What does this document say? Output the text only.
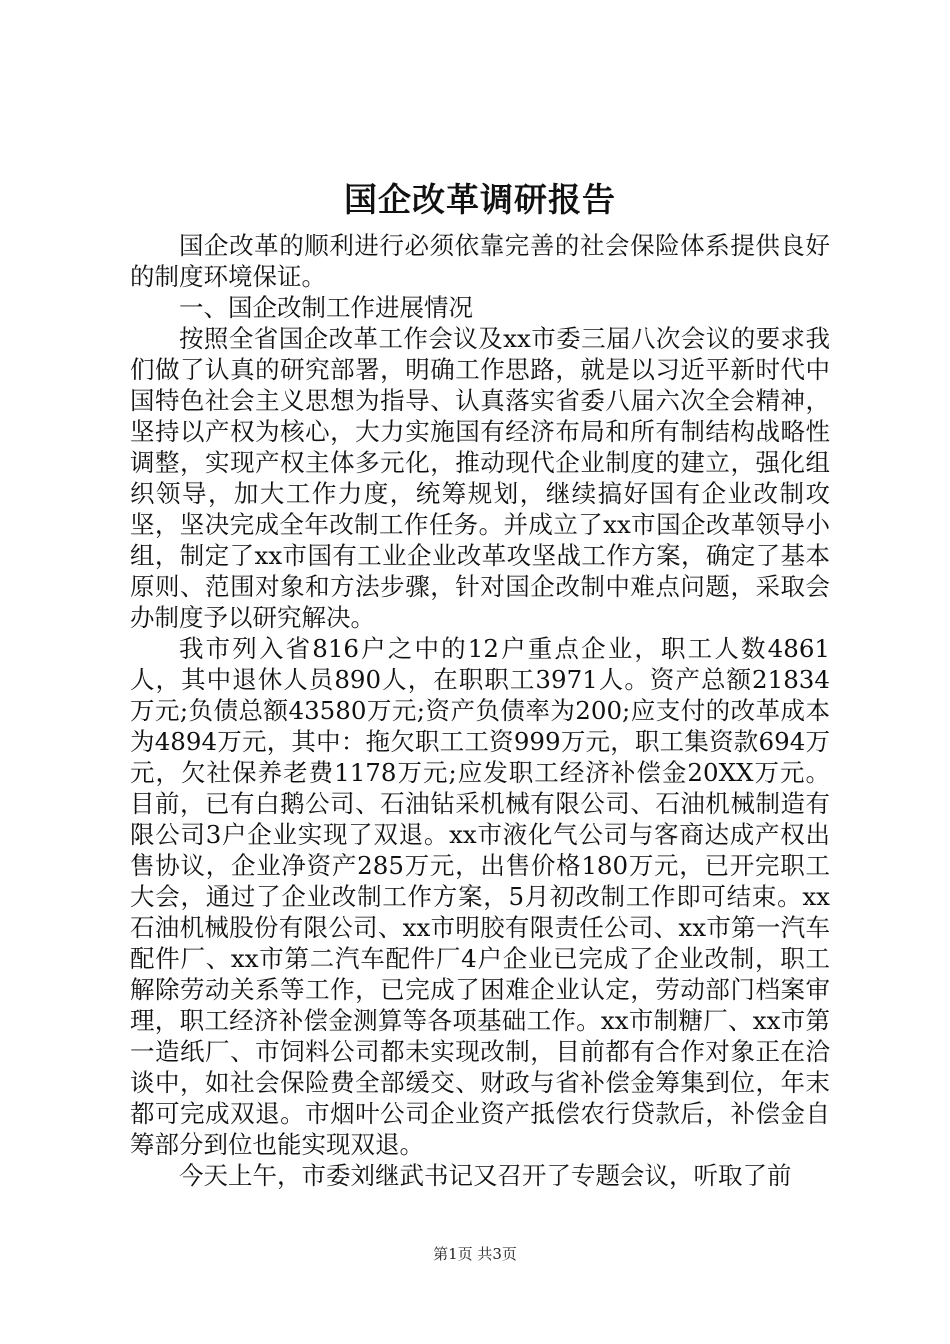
国企改革调研报告

国企改革的顺利进行必须依靠完善的社会保险体系提供良好的制度环境保证。

一、国企改制工作进展情况

按照全省国企改革工作会议及xx市委三届八次会议的要求我们做了认真的研究部署，明确工作思路，就是以习近平新时代中国特色社会主义思想为指导、认真落实省委八届六次全会精神，坚持以产权为核心，大力实施国有经济布局和所有制结构战略性调整，实现产权主体多元化，推动现代企业制度的建立，强化组织领导，加大工作力度，统筹规划，继续搞好国有企业改制攻坚，坚决完成全年改制工作任务。并成立了xx市国企改革领导小组，制定了xx市国有工业企业改革攻坚战工作方案，确定了基本原则、范围对象和方法步骤，针对国企改制中难点问题，采取会办制度予以研究解决。

我市列入省816户之中的12户重点企业，职工人数4861人，其中退休人员890人，在职职工3971人。资产总额21834万元;负债总额43580万元;资产负债率为200;应支付的改革成本为4894万元，其中：拖欠职工工资999万元，职工集资款694万元，欠社保养老费1178万元;应发职工经济补偿金20XX万元。目前，已有白鹅公司、石油钻采机械有限公司、石油机械制造有限公司3户企业实现了双退。xx市液化气公司与客商达成产权出售协议，企业净资产285万元，出售价格180万元，已开完职工大会，通过了企业改制工作方案，5月初改制工作即可结束。xx石油机械股份有限公司、xx市明胶有限责任公司、xx市第一汽车配件厂、xx市第二汽车配件厂4户企业已完成了企业改制，职工解除劳动关系等工作，已完成了困难企业认定，劳动部门档案审理，职工经济补偿金测算等各项基础工作。xx市制糖厂、xx市第一造纸厂、市饲料公司都未实现改制，目前都有合作对象正在洽谈中，如社会保险费全部缓交、财政与省补偿金筹集到位，年末都可完成双退。市烟叶公司企业资产抵偿农行贷款后，补偿金自筹部分到位也能实现双退。

今天上午，市委刘继武书记又召开了专题会议，听取了前

第1页 共3页
